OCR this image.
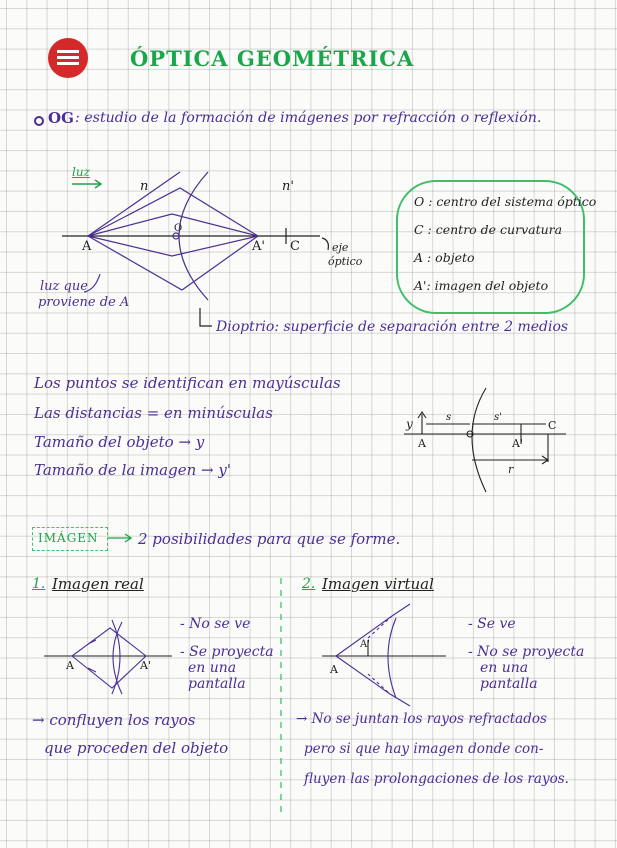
ÓPTICA GEOMÉTRICA
OG : estudio de la formación de imágenes por refracción o reflexión.
luz
n	n'
A
O
A' C	eje
óptico
luz que
proviene de A
O : centro del sistema óptico
C : centro de curvatura
A : objeto
A': imagen del objeto
Dioptrio: superficie de separación entre 2 medios
Los puntos se identifican en mayúsculas
Las distancias = en minúsculas
Tamaño del objeto → y
Tamaño de la imagen → y'
y
A
s	s'
A'
C
r
IMÁGEN	2 posibilidades para que se forme.
1. Imagen real
A	A'
- No se ve
- Se proyecta
en una
pantalla
→ confluyen los rayos
que proceden del objeto
2. Imagen virtual
A
A'
- Se ve
- No se proyecta
en una
pantalla
→ No se juntan los rayos refractados
pero si que hay imagen donde con-
fluyen las prolongaciones de los rayos.
